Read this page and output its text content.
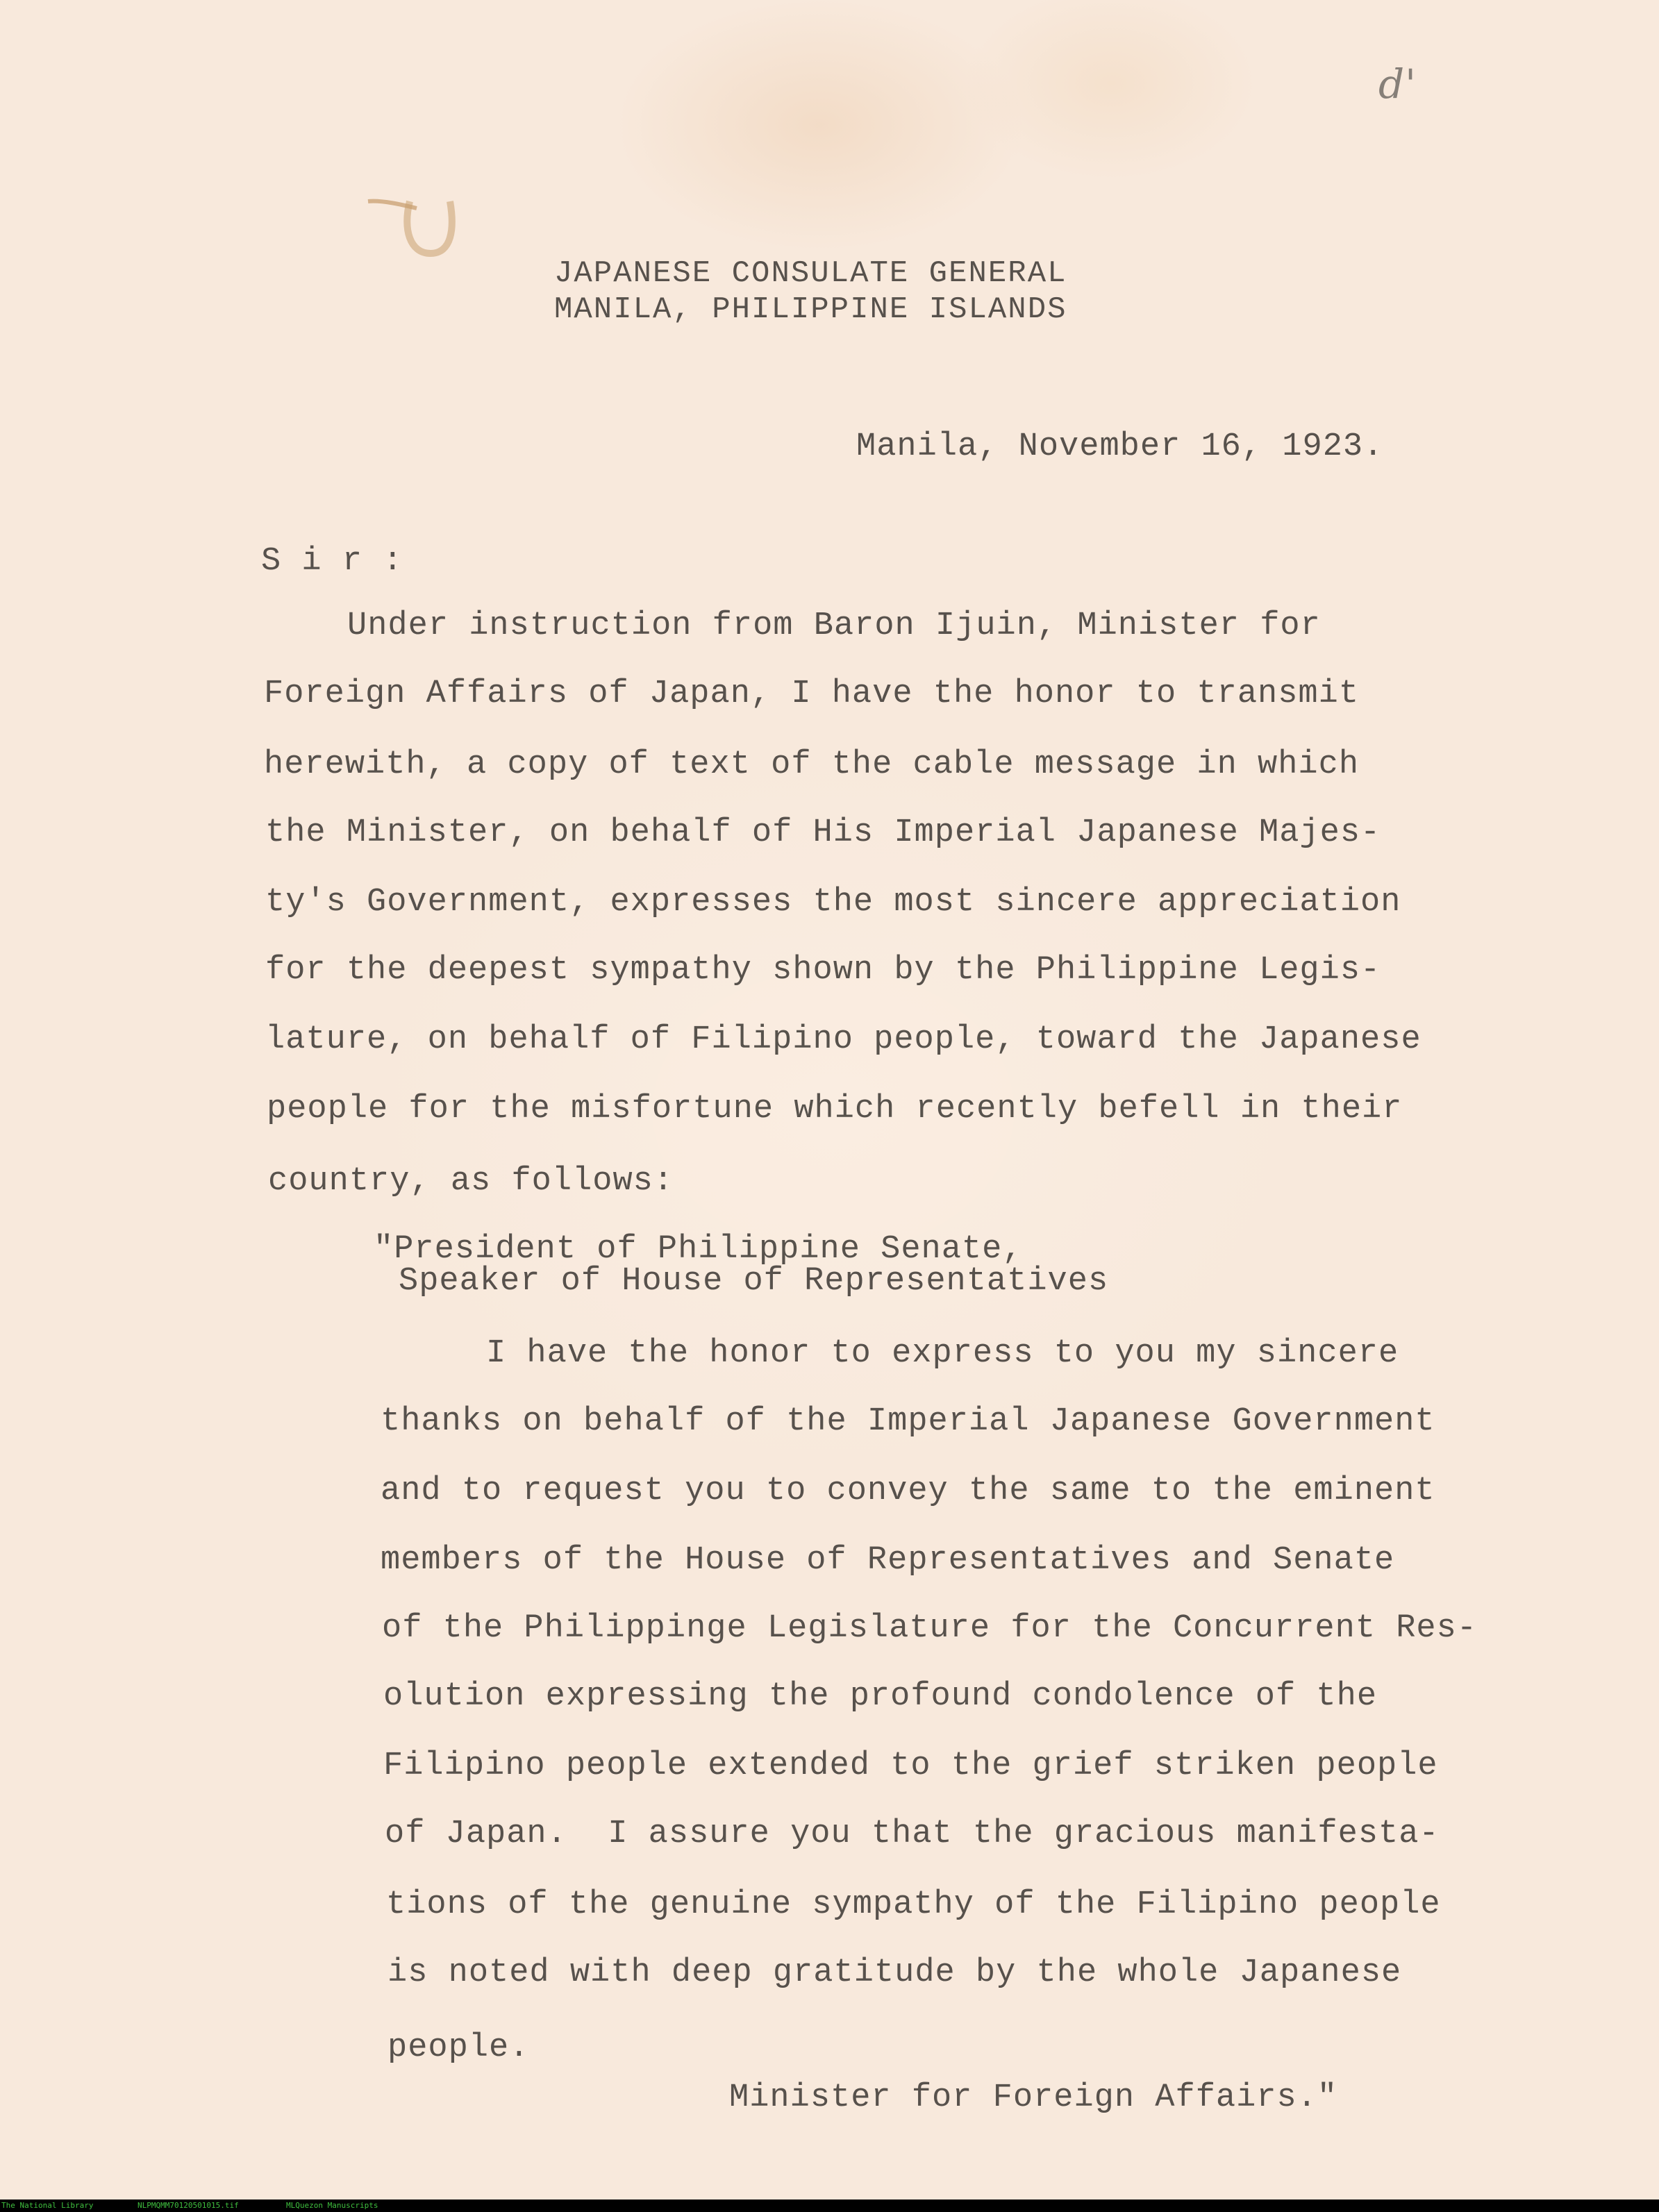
d'
JAPANESE CONSULATE GENERAL
MANILA, PHILIPPINE ISLANDS
Manila, November 16, 1923.
S i r :
Under instruction from Baron Ijuin, Minister for
Foreign Affairs of Japan, I have the honor to transmit
herewith, a copy of text of the cable message in which
the Minister, on behalf of His Imperial Japanese Majes-
ty's Government, expresses the most sincere appreciation
for the deepest sympathy shown by the Philippine Legis-
lature, on behalf of Filipino people, toward the Japanese
people for the misfortune which recently befell in their
country, as follows:
"President of Philippine Senate,
Speaker of House of Representatives
I have the honor to express to you my sincere
thanks on behalf of the Imperial Japanese Government
and to request you to convey the same to the eminent
members of the House of Representatives and Senate
of the Philippinge Legislature for the Concurrent Res-
olution expressing the profound condolence of the
Filipino people extended to the grief striken people
of Japan.  I assure you that the gracious manifesta-
tions of the genuine sympathy of the Filipino people
is noted with deep gratitude by the whole Japanese
people.
Minister for Foreign Affairs."
The National Library	NLPMQMM70120501015.tif	MLQuezon Manuscripts
